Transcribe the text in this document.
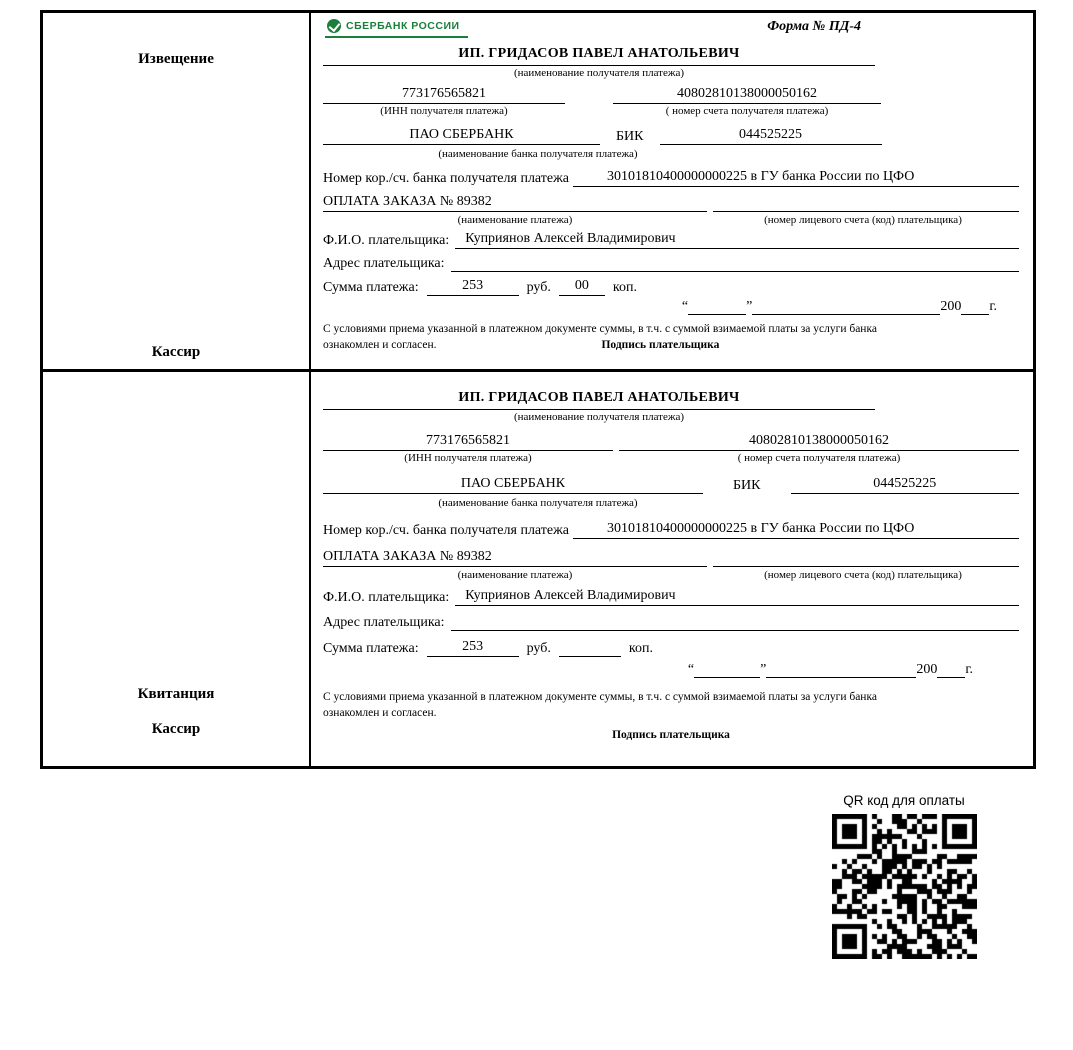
Извещение
Кассир
СБЕРБАНК РОССИИ	Форма № ПД-4
ИП. ГРИДАСОВ ПАВЕЛ АНАТОЛЬЕВИЧ
(наименование получателя платежа)
773176565821
(ИНН получателя платежа)
40802810138000050162
( номер счета получателя платежа)
ПАО СБЕРБАНК	БИК	044525225
(наименование банка получателя платежа)
Номер кор./сч. банка получателя платежа	30101810400000000225 в ГУ банка России по ЦФО
ОПЛАТА ЗАКАЗА № 89382
(наименование платежа)	(номер лицевого счета (код) плательщика)
Ф.И.О. плательщика:	Куприянов Алексей Владимирович
Адрес плательщика:
Сумма платежа:	253	руб.	00	коп.
“	”	200 г.
С условиями приема указанной в платежном документе суммы, в т.ч. с суммой взимаемой платы за услуги банка
ознакомлен и согласен.	Подпись плательщика
Квитанция
Кассир
ИП. ГРИДАСОВ ПАВЕЛ АНАТОЛЬЕВИЧ
(наименование получателя платежа)
773176565821
(ИНН получателя платежа)
40802810138000050162
( номер счета получателя платежа)
ПАО СБЕРБАНК	БИК	044525225
(наименование банка получателя платежа)
Номер кор./сч. банка получателя платежа	30101810400000000225 в ГУ банка России по ЦФО
ОПЛАТА ЗАКАЗА № 89382
(наименование платежа)	(номер лицевого счета (код) плательщика)
Ф.И.О. плательщика:	Куприянов Алексей Владимирович
Адрес плательщика:
Сумма платежа:	253	руб.	коп.
“	”	200 г.
С условиями приема указанной в платежном документе суммы, в т.ч. с суммой взимаемой платы за услуги банка
ознакомлен и согласен.
Подпись плательщика
QR код для оплаты
